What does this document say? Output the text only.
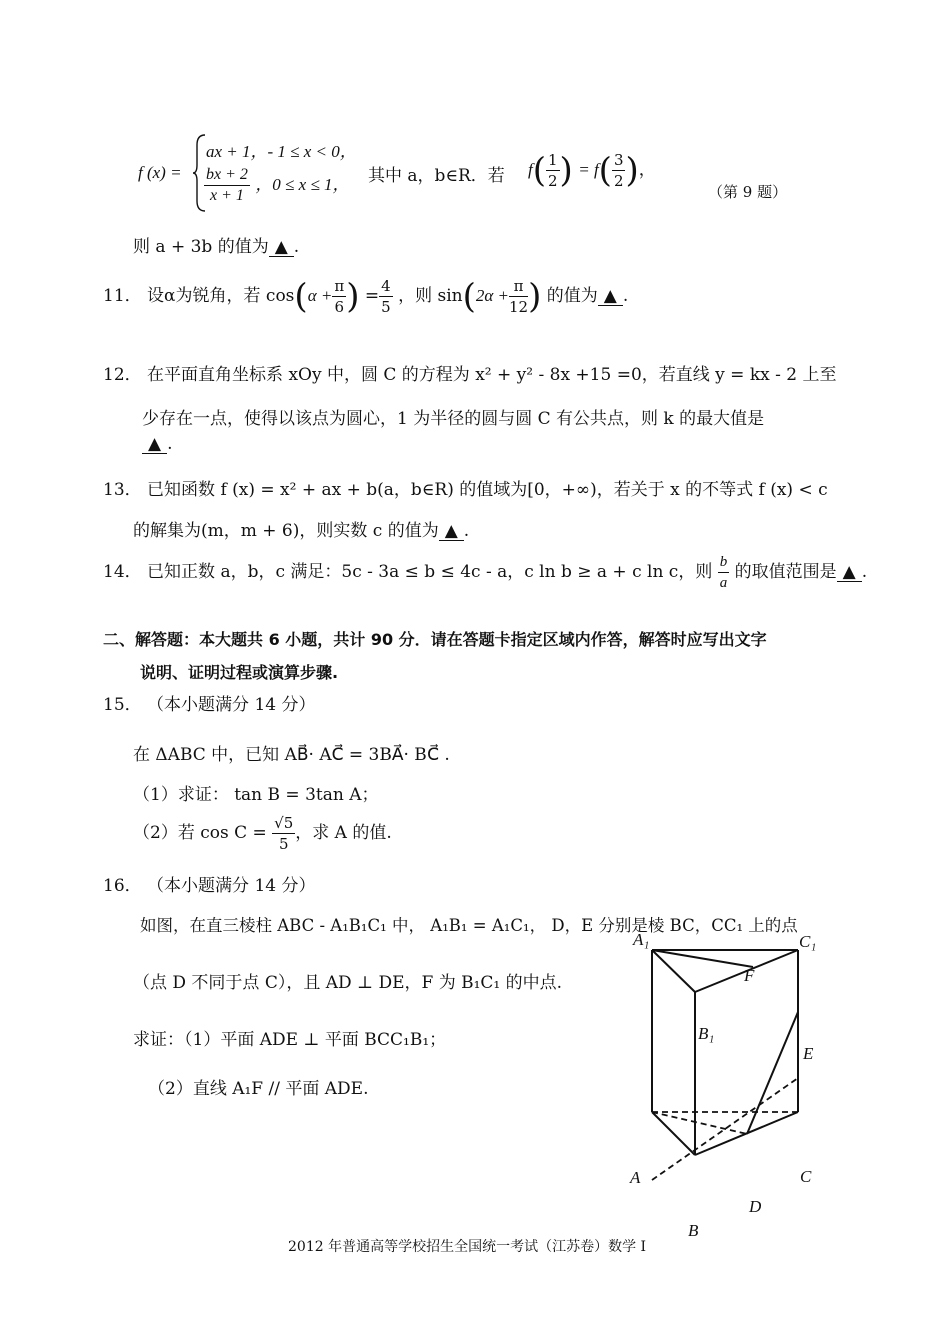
f (x) =
ax + 1，- 1 ≤ x < 0，
$\frac{bx + 2}{x + 1}$ ，0 ≤ x ≤ 1， 其中 a，b∈R．若 $f( \frac{1}{2}$ ) = $f( \frac{3}{2}$ )，
（第 9 题）
则 a + 3b 的值为 ▲ .
11． 设α为锐角，若 $\cos(\alpha + \frac{\pi}{6}$ ) = $\frac{4}{5}$ ，则 $\sin(2\alpha + \frac{\pi}{12}$ ) 的值为 ▲ .
12． 在平面直角坐标系 xOy 中，圆 C 的方程为 x² + y² - 8x +15 =0，若直线 y = kx - 2 上至
少存在一点，使得以该点为圆心，1 为半径的圆与圆 C 有公共点，则 k 的最大值是
▲ .
13． 已知函数 f (x) = x² + ax + b(a，b∈R) 的值域为[0，+∞)，若关于 x 的不等式 f (x) < c
的解集为(m，m + 6)，则实数 c 的值为 ▲ .
14． 已知正数 a，b，c 满足：5c - 3a ≤ b ≤ 4c - a，c ln b ≥ a + c ln c，则 $\frac{b}{a}$ 的取值范围是 ▲ .
二、解答题：本大题共 6 小题，共计 90 分．请在答题卡指定区域内作答，解答时应写出文字
说明、证明过程或演算步骤.
15． （本小题满分 14 分）
在 ΔABC 中，已知 AB⃗· AC⃗ = 3BA⃗· BC⃗ .
（1）求证： tan B = 3tan A；
（2）若 $\cos C = \frac{√5}{5}$ ，求 A 的值.
16． （本小题满分 14 分）
如图，在直三棱柱 ABC - A₁B₁C₁ 中， A₁B₁ = A₁C₁， D，E 分别是棱 BC，CC₁ 上的点
（点 D 不同于点 C），且 AD ⊥ DE，F 为 B₁C₁ 的中点.
求证：（1）平面 ADE ⊥ 平面 BCC₁B₁；
（2）直线 A₁F // 平面 ADE.
A₁	C₁
F
B₁
E
A	C
D
B
2012 年普通高等学校招生全国统一考试（江苏卷）数学 Ⅰ
